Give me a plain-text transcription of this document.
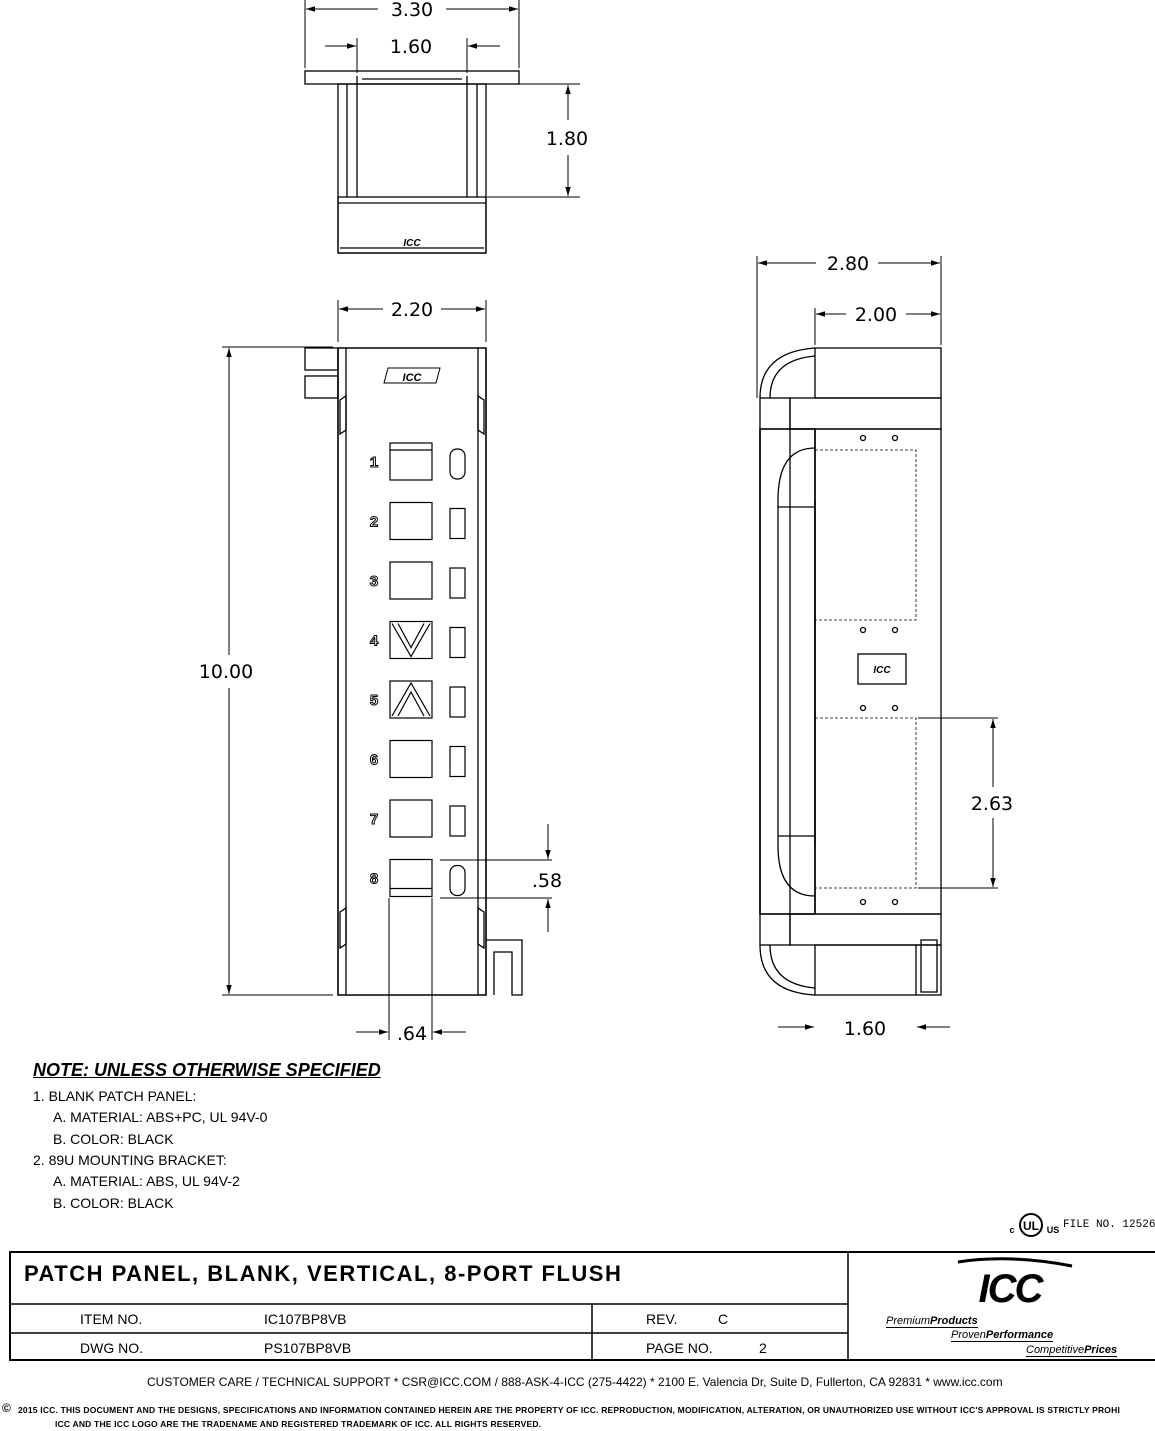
ICC
3.30
1.60
1.80
ICC
1
2
3
4
5
6
7
8
2.20
10.00
.58
.64
ICC
2.80
2.00
2.63
1.60
NOTE: UNLESS OTHERWISE SPECIFIED
1. BLANK PATCH PANEL:
A. MATERIAL: ABS+PC, UL 94V-0
B. COLOR: BLACK
2. 89U MOUNTING BRACKET:
A. MATERIAL: ABS, UL 94V-2
B. COLOR: BLACK
UL
c	US FILE NO. 12526
PATCH PANEL, BLANK, VERTICAL, 8-PORT FLUSH
ITEM NO.	IC107BP8VB
DWG NO.	PS107BP8VB
REV.	C
PAGE NO.	2
ICC
PremiumProducts
ProvenPerformance
CompetitivePrices
CUSTOMER CARE / TECHNICAL SUPPORT * CSR@ICC.COM / 888-ASK-4-ICC (275-4422) * 2100 E. Valencia Dr, Suite D, Fullerton, CA 92831 * www.icc.com
© 2015 ICC. THIS DOCUMENT AND THE DESIGNS, SPECIFICATIONS AND INFORMATION CONTAINED HEREIN ARE THE PROPERTY OF ICC. REPRODUCTION, MODIFICATION, ALTERATION, OR UNAUTHORIZED USE WITHOUT ICC'S APPROVAL IS STRICTLY PROHI
ICC AND THE ICC LOGO ARE THE TRADENAME AND REGISTERED TRADEMARK OF ICC. ALL RIGHTS RESERVED.
